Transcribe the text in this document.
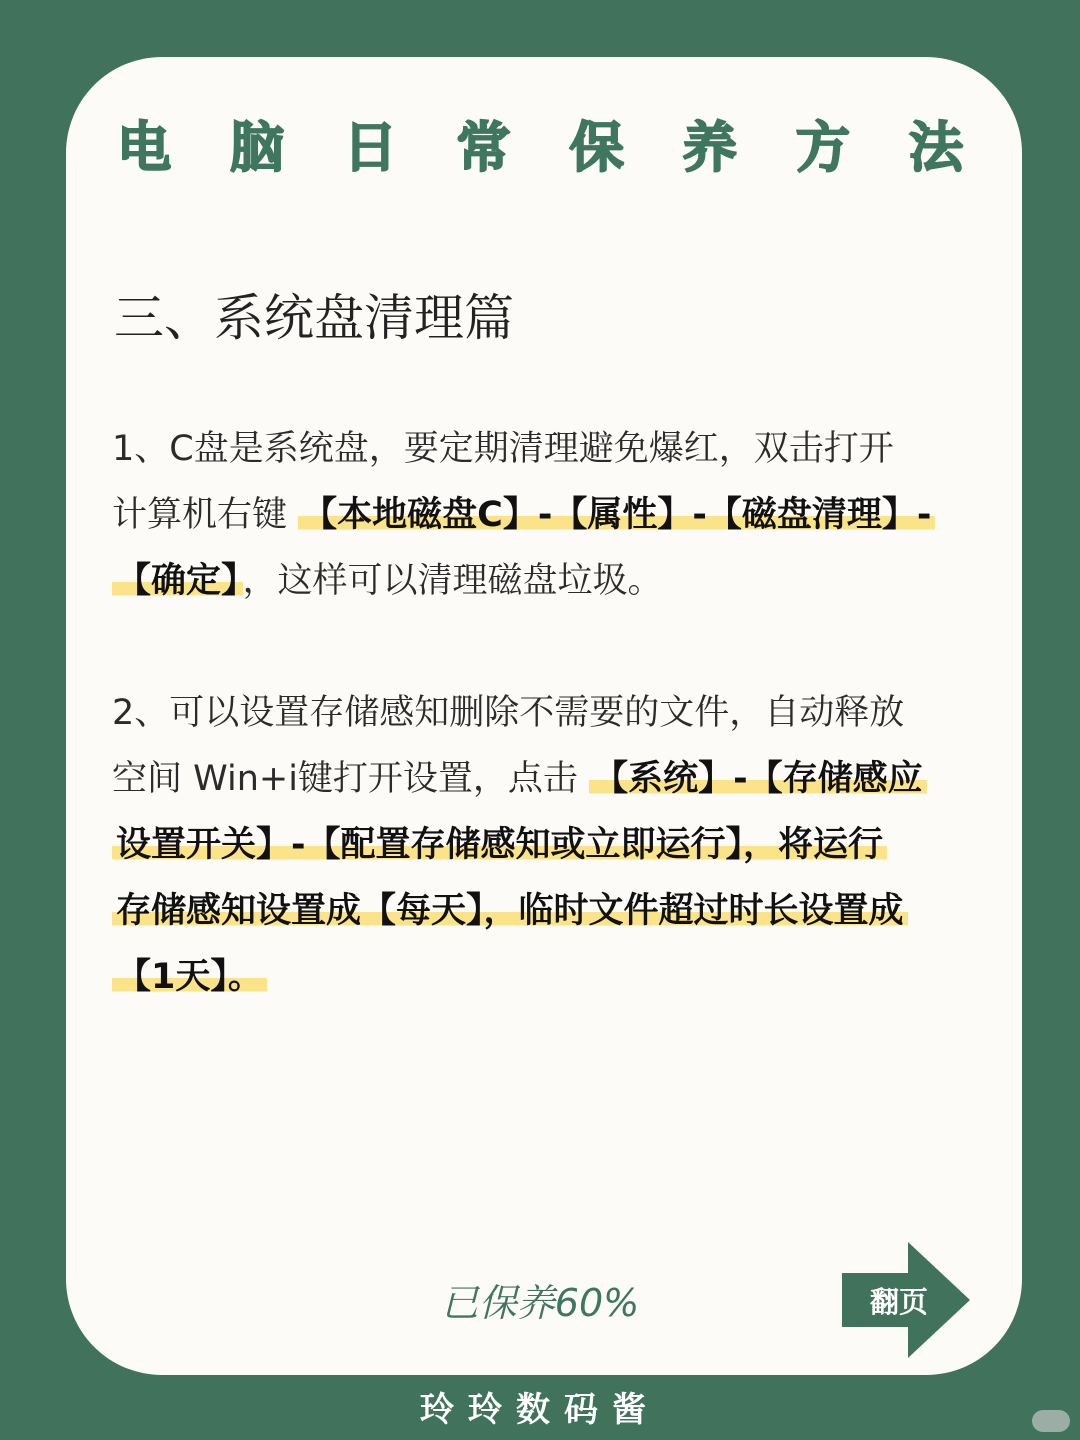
电 脑 日 常 保 养 方 法
三、系统盘清理篇
1、C盘是系统盘，要定期清理避免爆红，双击打开
计算机右键 【本地磁盘C】-【属性】-【磁盘清理】-
【确定】 ，这样可以清理磁盘垃圾。
2、可以设置存储感知删除不需要的文件，自动释放
空间 Win+i键打开设置，点击 【系统】-【存储感应
设置开关】-【配置存储感知或立即运行】，将运行
存储感知设置成【每天】，临时文件超过时长设置成
【1天】。

已保养60%	翻页

玲玲数码酱
